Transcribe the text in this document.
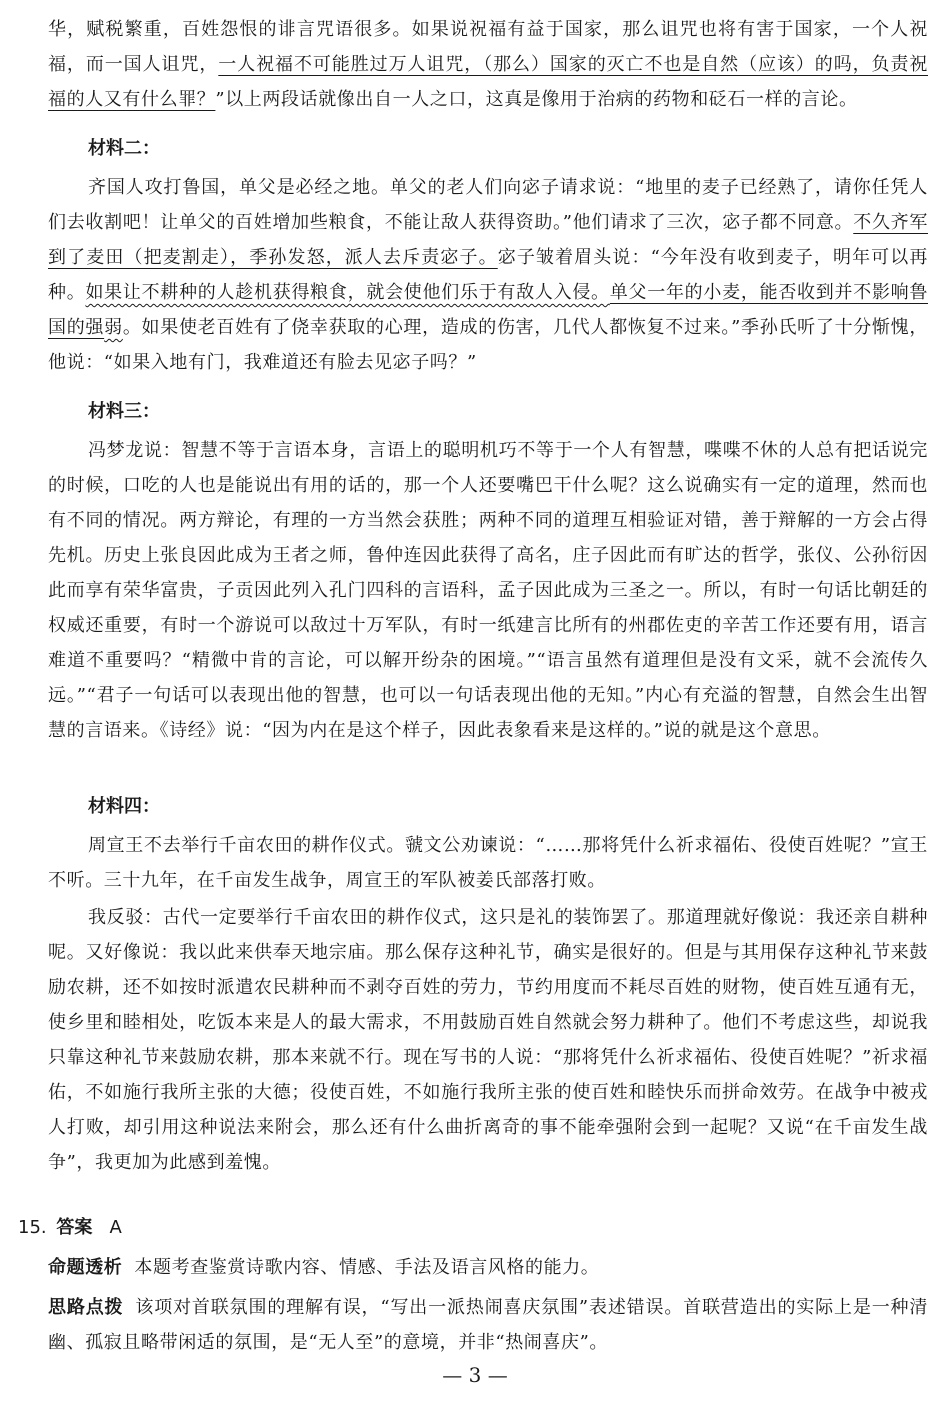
华，赋税繁重，百姓怨恨的诽言咒语很多。如果说祝福有益于国家，那么诅咒也将有害于国家，一个人祝福，而一国人诅咒，一人祝福不可能胜过万人诅咒，（那么）国家的灭亡不也是自然（应该）的吗，负责祝福的人又有什么罪？”以上两段话就像出自一人之口，这真是像用于治病的药物和砭石一样的言论。

材料二：

齐国人攻打鲁国，单父是必经之地。单父的老人们向宓子请求说：“地里的麦子已经熟了，请你任凭人们去收割吧！让单父的百姓增加些粮食，不能让敌人获得资助。”他们请求了三次，宓子都不同意。不久齐军到了麦田（把麦割走），季孙发怒，派人去斥责宓子。宓子皱着眉头说：“今年没有收到麦子，明年可以再种。如果让不耕种的人趁机获得粮食，就会使他们乐于有敌人入侵。单父一年的小麦，能否收到并不影响鲁国的强弱。如果使老百姓有了侥幸获取的心理，造成的伤害，几代人都恢复不过来。”季孙氏听了十分惭愧，他说：“如果入地有门，我难道还有脸去见宓子吗？”

材料三：

冯梦龙说：智慧不等于言语本身，言语上的聪明机巧不等于一个人有智慧，喋喋不休的人总有把话说完的时候，口吃的人也是能说出有用的话的，那一个人还要嘴巴干什么呢？这么说确实有一定的道理，然而也有不同的情况。两方辩论，有理的一方当然会获胜；两种不同的道理互相验证对错，善于辩解的一方会占得先机。历史上张良因此成为王者之师，鲁仲连因此获得了高名，庄子因此而有旷达的哲学，张仪、公孙衍因此而享有荣华富贵，子贡因此列入孔门四科的言语科，孟子因此成为三圣之一。所以，有时一句话比朝廷的权威还重要，有时一个游说可以敌过十万军队，有时一纸建言比所有的州郡佐吏的辛苦工作还要有用，语言难道不重要吗？“精微中肯的言论，可以解开纷杂的困境。”“语言虽然有道理但是没有文采，就不会流传久远。”“君子一句话可以表现出他的智慧，也可以一句话表现出他的无知。”内心有充溢的智慧，自然会生出智慧的言语来。《诗经》说：“因为内在是这个样子，因此表象看来是这样的。”说的就是这个意思。

材料四：

周宣王不去举行千亩农田的耕作仪式。虢文公劝谏说：“……那将凭什么祈求福佑、役使百姓呢？”宣王不听。三十九年，在千亩发生战争，周宣王的军队被姜氏部落打败。

我反驳：古代一定要举行千亩农田的耕作仪式，这只是礼的装饰罢了。那道理就好像说：我还亲自耕种呢。又好像说：我以此来供奉天地宗庙。那么保存这种礼节，确实是很好的。但是与其用保存这种礼节来鼓励农耕，还不如按时派遣农民耕种而不剥夺百姓的劳力，节约用度而不耗尽百姓的财物，使百姓互通有无，使乡里和睦相处，吃饭本来是人的最大需求，不用鼓励百姓自然就会努力耕种了。他们不考虑这些，却说我只靠这种礼节来鼓励农耕，那本来就不行。现在写书的人说：“那将凭什么祈求福佑、役使百姓呢？”祈求福佑，不如施行我所主张的大德；役使百姓，不如施行我所主张的使百姓和睦快乐而拼命效劳。在战争中被戎人打败，却引用这种说法来附会，那么还有什么曲折离奇的事不能牵强附会到一起呢？又说“在千亩发生战争”，我更加为此感到羞愧。

15. 答案 A

命题透析 本题考查鉴赏诗歌内容、情感、手法及语言风格的能力。

思路点拨 该项对首联氛围的理解有误，“写出一派热闹喜庆氛围”表述错误。首联营造出的实际上是一种清幽、孤寂且略带闲适的氛围，是“无人至”的意境，并非“热闹喜庆”。

— 3 —
